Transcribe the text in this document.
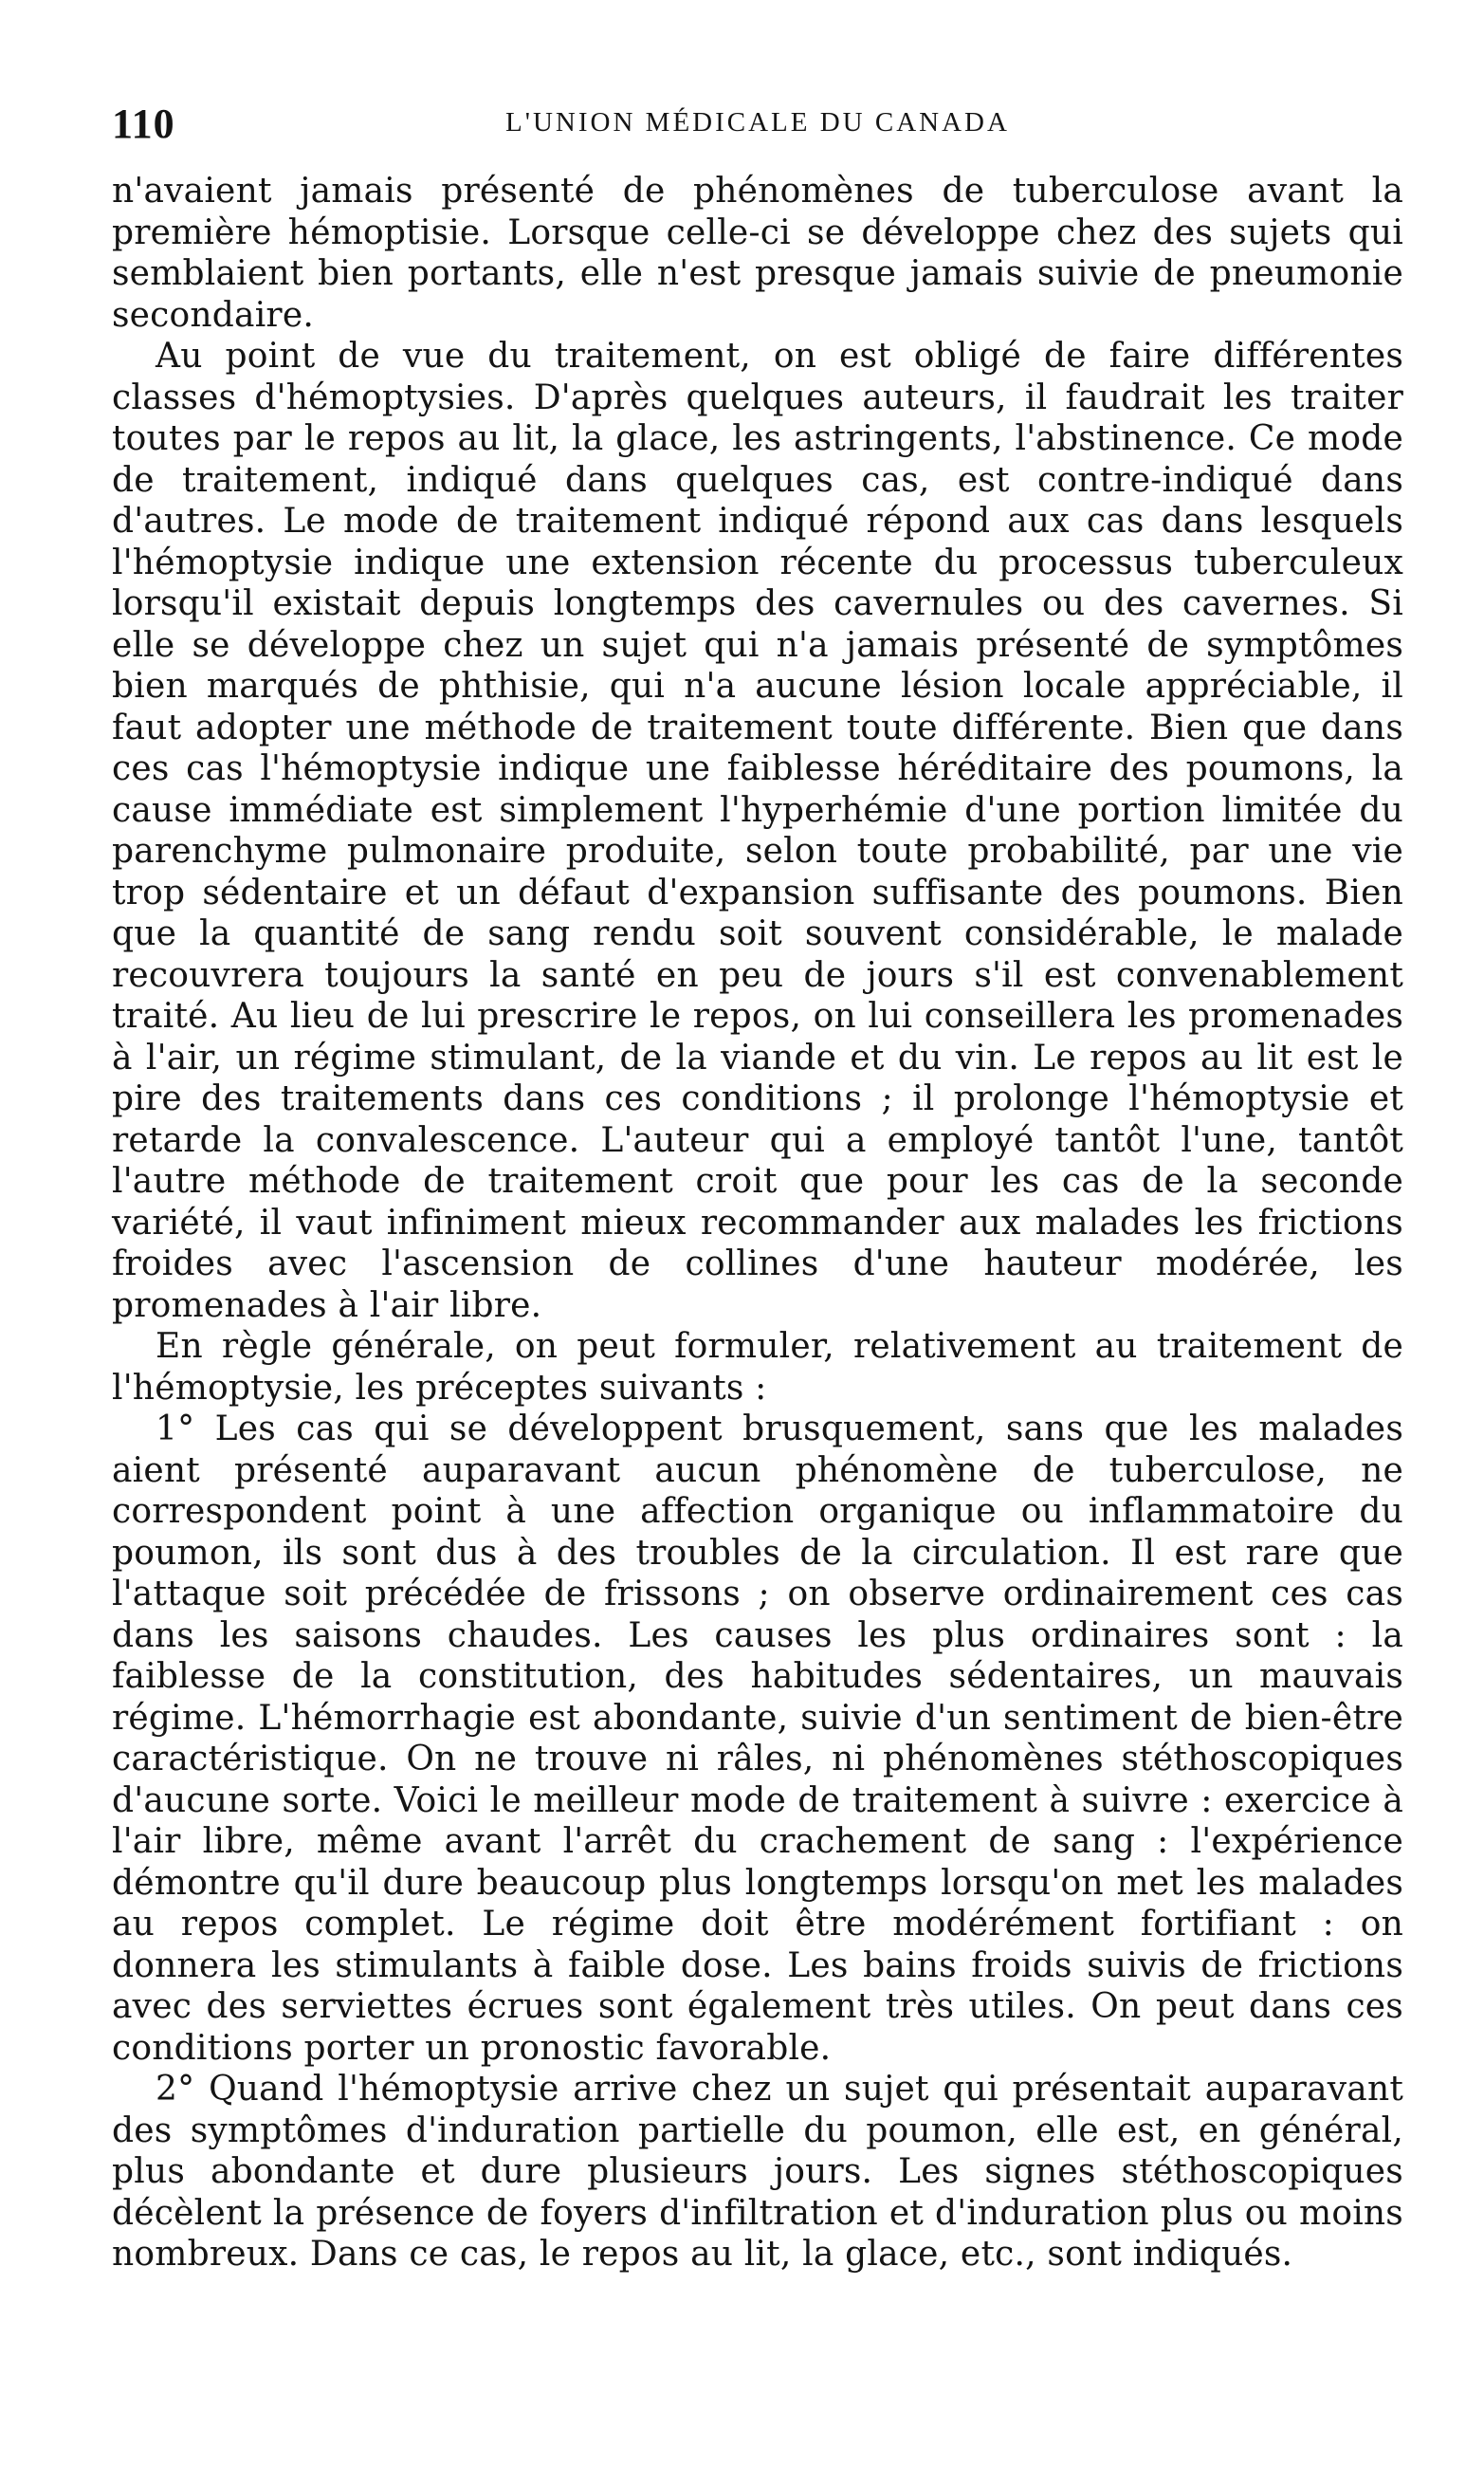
110	L'UNION MÉDICALE DU CANADA

n'avaient jamais présenté de phénomènes de tuberculose avant la première hémoptisie. Lorsque celle-ci se développe chez des sujets qui semblaient bien portants, elle n'est presque jamais suivie de pneumonie secondaire.

Au point de vue du traitement, on est obligé de faire différentes classes d'hémoptysies. D'après quelques auteurs, il faudrait les traiter toutes par le repos au lit, la glace, les astringents, l'abstinence. Ce mode de traitement, indiqué dans quelques cas, est contre-indiqué dans d'autres. Le mode de traitement indiqué répond aux cas dans lesquels l'hémoptysie indique une extension récente du processus tuberculeux lorsqu'il existait depuis longtemps des cavernules ou des cavernes. Si elle se développe chez un sujet qui n'a jamais présenté de symptômes bien marqués de phthisie, qui n'a aucune lésion locale appréciable, il faut adopter une méthode de traitement toute différente. Bien que dans ces cas l'hémoptysie indique une faiblesse héréditaire des poumons, la cause immédiate est simplement l'hyperhémie d'une portion limitée du parenchyme pulmonaire produite, selon toute probabilité, par une vie trop sédentaire et un défaut d'expansion suffisante des poumons. Bien que la quantité de sang rendu soit souvent considérable, le malade recouvrera toujours la santé en peu de jours s'il est convenablement traité. Au lieu de lui prescrire le repos, on lui conseillera les promenades à l'air, un régime stimulant, de la viande et du vin. Le repos au lit est le pire des traitements dans ces conditions ; il prolonge l'hémoptysie et retarde la convalescence. L'auteur qui a employé tantôt l'une, tantôt l'autre méthode de traitement croit que pour les cas de la seconde variété, il vaut infiniment mieux recommander aux malades les frictions froides avec l'ascension de collines d'une hauteur modérée, les promenades à l'air libre.

En règle générale, on peut formuler, relativement au traitement de l'hémoptysie, les préceptes suivants :

1° Les cas qui se développent brusquement, sans que les malades aient présenté auparavant aucun phénomène de tuberculose, ne correspondent point à une affection organique ou inflammatoire du poumon, ils sont dus à des troubles de la circulation. Il est rare que l'attaque soit précédée de frissons ; on observe ordinairement ces cas dans les saisons chaudes. Les causes les plus ordinaires sont : la faiblesse de la constitution, des habitudes sédentaires, un mauvais régime. L'hémorrhagie est abondante, suivie d'un sentiment de bien-être caractéristique. On ne trouve ni râles, ni phénomènes stéthoscopiques d'aucune sorte. Voici le meilleur mode de traitement à suivre : exercice à l'air libre, même avant l'arrêt du crachement de sang : l'expérience démontre qu'il dure beaucoup plus longtemps lorsqu'on met les malades au repos complet. Le régime doit être modérément fortifiant : on donnera les stimulants à faible dose. Les bains froids suivis de frictions avec des serviettes écrues sont également très utiles. On peut dans ces conditions porter un pronostic favorable.

2° Quand l'hémoptysie arrive chez un sujet qui présentait auparavant des symptômes d'induration partielle du poumon, elle est, en général, plus abondante et dure plusieurs jours. Les signes stéthoscopiques décèlent la présence de foyers d'infiltration et d'induration plus ou moins nombreux. Dans ce cas, le repos au lit, la glace, etc., sont indiqués.
